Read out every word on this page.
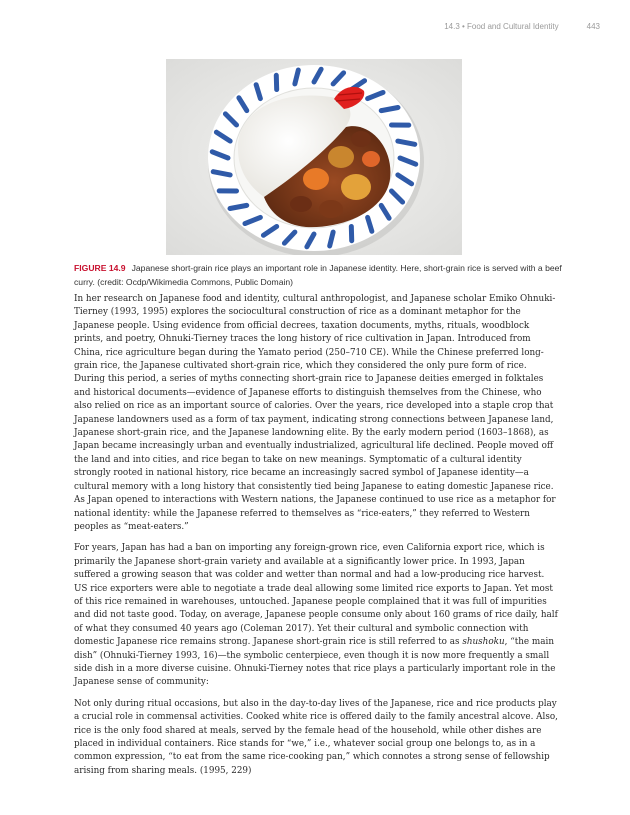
14.3 • Food and Cultural Identity	443
FIGURE 14.9 Japanese short-grain rice plays an important role in Japanese identity. Here, short-grain rice is served with a beef curry. (credit: Ocdp/Wikimedia Commons, Public Domain)

In her research on Japanese food and identity, cultural anthropologist, and Japanese scholar Emiko Ohnuki-Tierney (1993, 1995) explores the sociocultural construction of rice as a dominant metaphor for the Japanese people. Using evidence from official decrees, taxation documents, myths, rituals, woodblock prints, and poetry, Ohnuki-Tierney traces the long history of rice cultivation in Japan. Introduced from China, rice agriculture began during the Yamato period (250–710 CE). While the Chinese preferred long-grain rice, the Japanese cultivated short-grain rice, which they considered the only pure form of rice. During this period, a series of myths connecting short-grain rice to Japanese deities emerged in folktales and historical documents—evidence of Japanese efforts to distinguish themselves from the Chinese, who also relied on rice as an important source of calories. Over the years, rice developed into a staple crop that Japanese landowners used as a form of tax payment, indicating strong connections between Japanese land, Japanese short-grain rice, and the Japanese landowning elite. By the early modern period (1603–1868), as Japan became increasingly urban and eventually industrialized, agricultural life declined. People moved off the land and into cities, and rice began to take on new meanings. Symptomatic of a cultural identity strongly rooted in national history, rice became an increasingly sacred symbol of Japanese identity—a cultural memory with a long history that consistently tied being Japanese to eating domestic Japanese rice. As Japan opened to interactions with Western nations, the Japanese continued to use rice as a metaphor for national identity: while the Japanese referred to themselves as “rice-eaters,” they referred to Western peoples as “meat-eaters.”

For years, Japan has had a ban on importing any foreign-grown rice, even California export rice, which is primarily the Japanese short-grain variety and available at a significantly lower price. In 1993, Japan suffered a growing season that was colder and wetter than normal and had a low-producing rice harvest. US rice exporters were able to negotiate a trade deal allowing some limited rice exports to Japan. Yet most of this rice remained in warehouses, untouched. Japanese people complained that it was full of impurities and did not taste good. Today, on average, Japanese people consume only about 160 grams of rice daily, half of what they consumed 40 years ago (Coleman 2017). Yet their cultural and symbolic connection with domestic Japanese rice remains strong. Japanese short-grain rice is still referred to as shushoku, “the main dish” (Ohnuki-Tierney 1993, 16)—the symbolic centerpiece, even though it is now more frequently a small side dish in a more diverse cuisine. Ohnuki-Tierney notes that rice plays a particularly important role in the Japanese sense of community:

Not only during ritual occasions, but also in the day-to-day lives of the Japanese, rice and rice products play a crucial role in commensal activities. Cooked white rice is offered daily to the family ancestral alcove. Also, rice is the only food shared at meals, served by the female head of the household, while other dishes are placed in individual containers. Rice stands for “we,” i.e., whatever social group one belongs to, as in a common expression, “to eat from the same rice-cooking pan,” which connotes a strong sense of fellowship arising from sharing meals. (1995, 229)
